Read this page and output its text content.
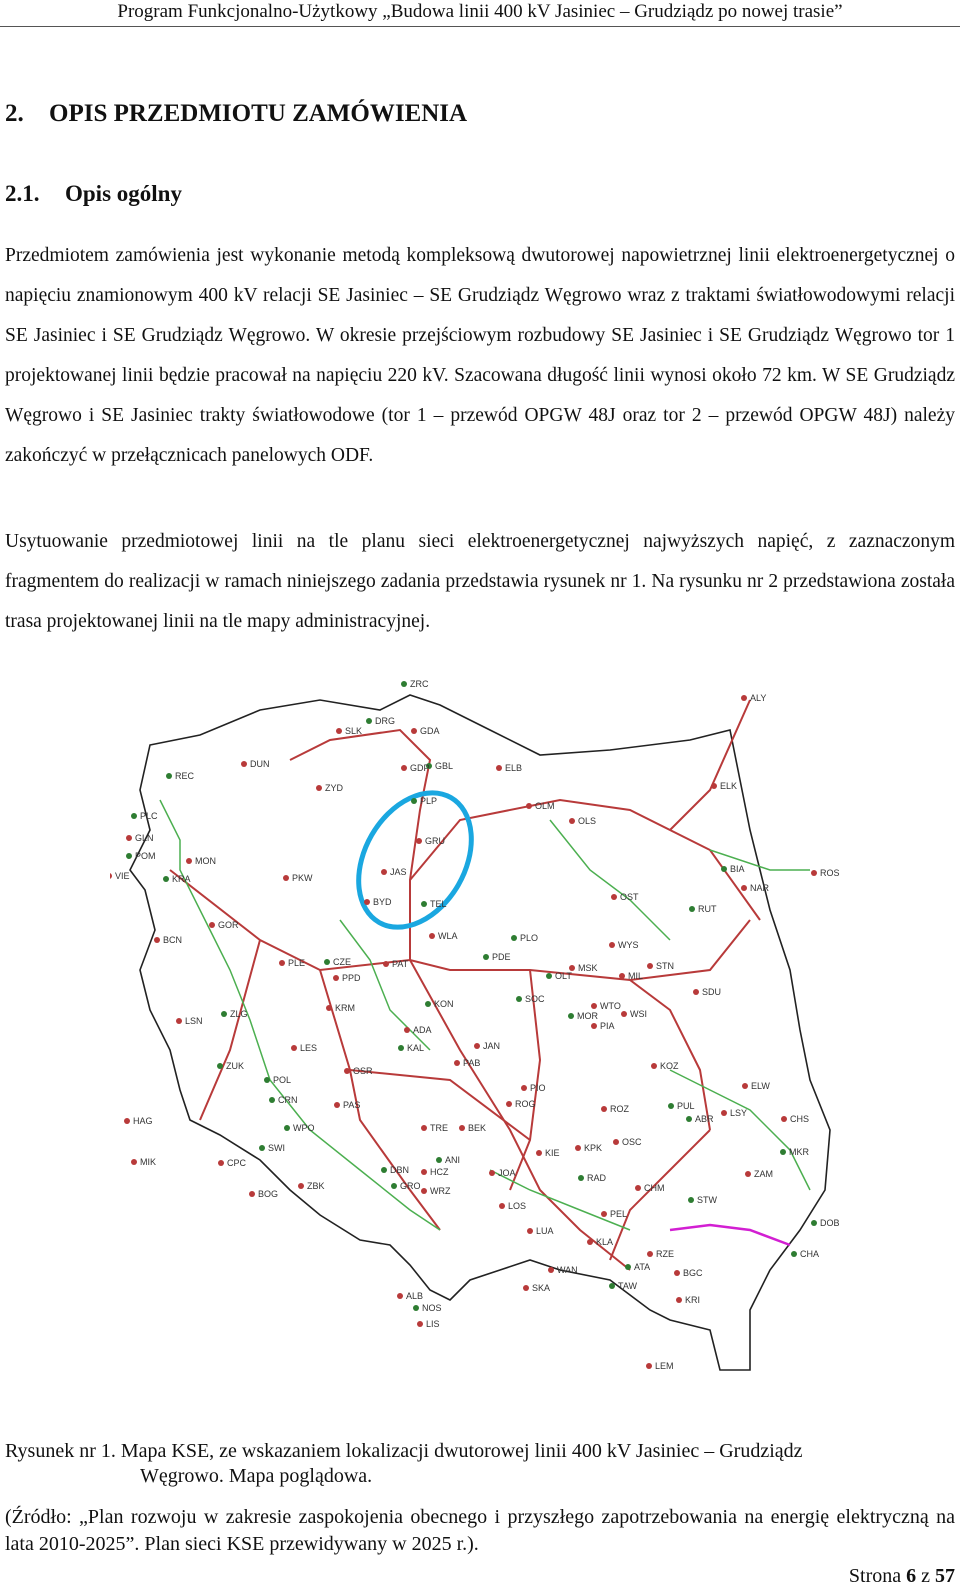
Program Funkcjonalno-Użytkowy „Budowa linii 400 kV Jasiniec – Grudziądz po nowej trasie”
2. OPIS PRZEDMIOTU ZAMÓWIENIA
2.1. Opis ogólny
Przedmiotem zamówienia jest wykonanie metodą kompleksową dwutorowej napowietrznej linii elektroenergetycznej o napięciu znamionowym 400 kV relacji SE Jasiniec – SE Grudziądz Węgrowo wraz z traktami światłowodowymi relacji SE Jasiniec i SE Grudziądz Węgrowo. W okresie przejściowym rozbudowy SE Jasiniec i SE Grudziądz Węgrowo tor 1 projektowanej linii będzie pracował na napięciu 220 kV. Szacowana długość linii wynosi około 72 km. W SE Grudziądz Węgrowo i SE Jasiniec trakty światłowodowe (tor 1 – przewód OPGW 48J oraz tor 2 – przewód OPGW 48J) należy zakończyć w przełącznicach panelowych ODF.
Usytuowanie przedmiotowej linii na tle planu sieci elektroenergetycznej najwyższych napięć, z zaznaczonym fragmentem do realizacji w ramach niniejszego zadania przedstawia rysunek nr 1. Na rysunku nr 2 przedstawiona została trasa projektowanej linii na tle mapy administracyjnej.
ZRC
ALY
SLK
DRG
GDA
DUN	GBL	ELB
GDP
REC
ZYD	ELK
PLP	OLM
OLS
PLC
GRU
GLN
POM	MON
VIE	KRA
JAS
PKW
BIA	ROS
BYD	TEL
NAR
OST
RUT
GOR
WLA	PLO
BCN	WYS
PDE
STN
PLE	CZE	PAT	MSK
OLT	MIL
PPD
SOC
SDU
KRM	KON	WTO
WSI
MOR
PIA
LSN
ZLG
ADA
LES	KAL	JAN
KOZ
ZUK	PAB
OSR
POL
ELW
PIO
CRN	PAS	ROG	PUL
ROZ	LSY
ABR	CHS
HAG
WPO	TRE BEK
SWI
OSC
KPK	MKR
MIK	CPC	ANI
KIE
ZAM
DBN HCZ	JOA	RAD
BOG
ZBK	GRO	CHM
WRZ
STW
LOS
PEL
DOB
LUA
KLA
CHA
RZE
WAN	ATA
BGC
SKA	TAW
KRI
ALB
NOS
LIS
LEM
Rysunek nr 1. Mapa KSE, ze wskazaniem lokalizacji dwutorowej linii 400 kV Jasiniec – Grudziądz
Węgrowo. Mapa poglądowa.
(Źródło: „Plan rozwoju w zakresie zaspokojenia obecnego i przyszłego zapotrzebowania na energię elektryczną na lata 2010-2025”. Plan sieci KSE przewidywany w 2025 r.).
Strona 6 z 57
